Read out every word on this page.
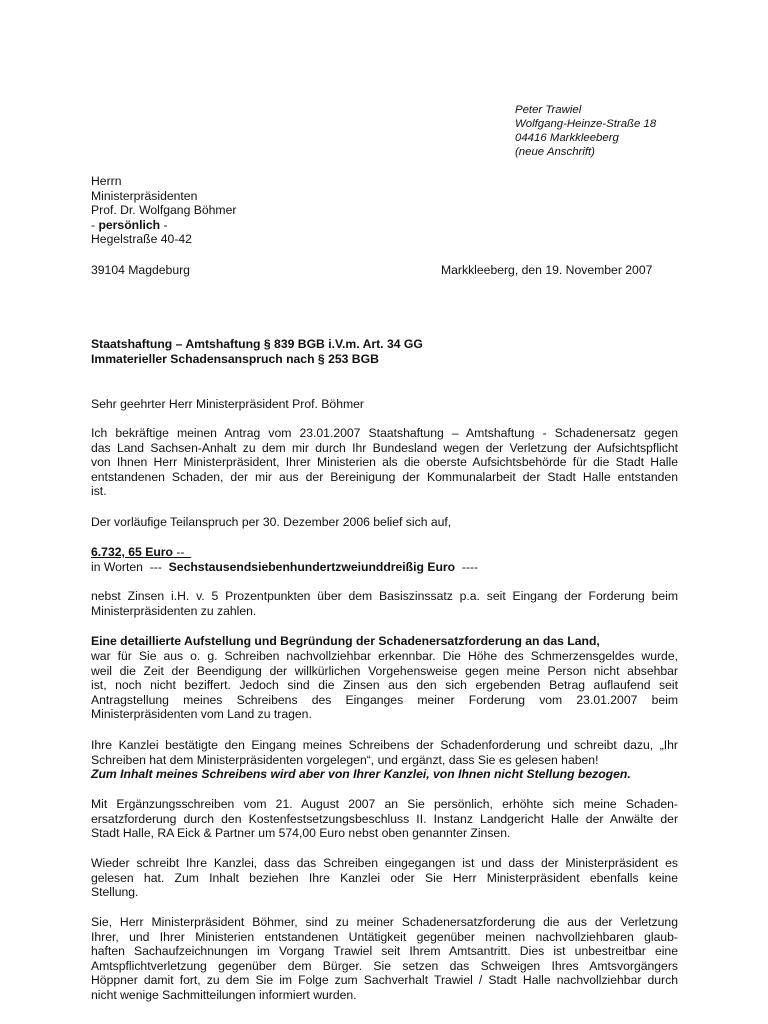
Peter Trawiel
Wolfgang-Heinze-Straße 18
04416 Markkleeberg
(neue Anschrift)
Herrn
Ministerpräsidenten
Prof. Dr. Wolfgang Böhmer
- persönlich -
Hegelstraße 40-42
39104 Magdeburg	Markkleeberg, den 19. November 2007
Staatshaftung – Amtshaftung § 839 BGB i.V.m. Art. 34 GG
Immaterieller Schadensanspruch nach § 253 BGB
Sehr geehrter Herr Ministerpräsident Prof. Böhmer
Ich bekräftige meinen Antrag vom 23.01.2007 Staatshaftung – Amtshaftung - Schadenersatz gegen
das Land Sachsen-Anhalt zu dem mir durch Ihr Bundesland wegen der Verletzung der Aufsichtspflicht
von Ihnen Herr Ministerpräsident, Ihrer Ministerien als die oberste Aufsichtsbehörde für die Stadt Halle
entstandenen Schaden, der mir aus der Bereinigung der Kommunalarbeit der Stadt Halle entstanden
ist.
Der vorläufige Teilanspruch per 30. Dezember 2006 belief sich auf,
6.732, 65 Euro --
in Worten  ---  Sechstausendsiebenhundertzweiunddreißig Euro  ----
nebst Zinsen i.H. v. 5 Prozentpunkten über dem Basiszinssatz p.a. seit Eingang der Forderung beim
Ministerpräsidenten zu zahlen.
Eine detaillierte Aufstellung und Begründung der Schadenersatzforderung an das Land,
war für Sie aus o. g. Schreiben nachvollziehbar erkennbar. Die Höhe des Schmerzensgeldes wurde,
weil die Zeit der Beendigung der willkürlichen Vorgehensweise gegen meine Person nicht absehbar
ist, noch nicht beziffert. Jedoch sind die Zinsen aus den sich ergebenden Betrag auflaufend seit
Antragstellung meines Schreibens des Einganges meiner Forderung vom 23.01.2007 beim
Ministerpräsidenten vom Land zu tragen.
Ihre Kanzlei bestätigte den Eingang meines Schreibens der Schadenforderung und schreibt dazu, „Ihr
Schreiben hat dem Ministerpräsidenten vorgelegen“, und ergänzt, dass Sie es gelesen haben!
Zum Inhalt meines Schreibens wird aber von Ihrer Kanzlei, von Ihnen nicht Stellung bezogen.
Mit Ergänzungsschreiben vom 21. August 2007 an Sie persönlich, erhöhte sich meine Schaden-
ersatzforderung durch den Kostenfestsetzungsbeschluss II. Instanz Landgericht Halle der Anwälte der
Stadt Halle, RA Eick & Partner um 574,00 Euro nebst oben genannter Zinsen.
Wieder schreibt Ihre Kanzlei, dass das Schreiben eingegangen ist und dass der Ministerpräsident es
gelesen hat. Zum Inhalt beziehen Ihre Kanzlei oder Sie Herr Ministerpräsident ebenfalls keine
Stellung.
Sie, Herr Ministerpräsident Böhmer, sind zu meiner Schadenersatzforderung die aus der Verletzung
Ihrer, und Ihrer Ministerien entstandenen Untätigkeit gegenüber meinen nachvollziehbaren glaub-
haften Sachaufzeichnungen im Vorgang Trawiel seit Ihrem Amtsantritt. Dies ist unbestreitbar eine
Amtspflichtverletzung gegenüber dem Bürger. Sie setzen das Schweigen Ihres Amtsvorgängers
Höppner damit fort, zu dem Sie im Folge zum Sachverhalt Trawiel / Stadt Halle nachvollziehbar durch
nicht wenige Sachmitteilungen informiert wurden.
